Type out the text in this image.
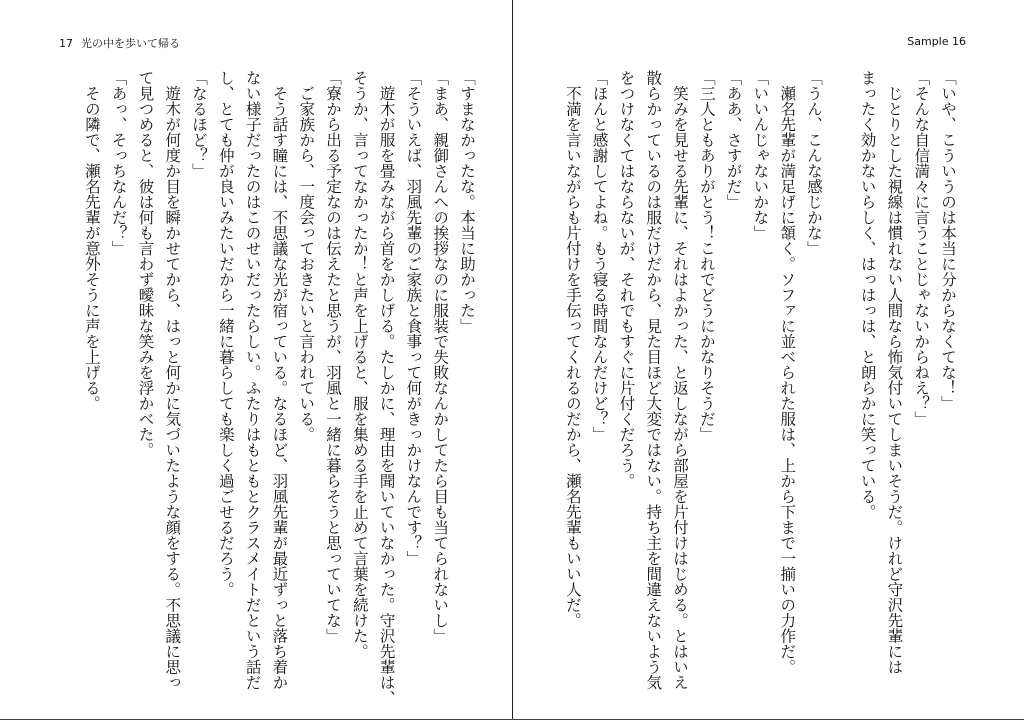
17 光の中を歩いて帰る
「すまなかったな。本当に助かった」
「まあ、親御さんへの挨拶なのに服装で失敗なんかしてたら目も当てられないし」
「そういえば、羽風先輩のご家族と食事って何がきっかけなんです？」
　遊木が服を畳みながら首をかしげる。たしかに、理由を聞いていなかった。守沢先輩は、
そうか、言ってなかったか！と声を上げると、服を集める手を止めて言葉を続けた。
「寮から出る予定なのは伝えたと思うが、羽風と一緒に暮らそうと思っていてな」
　ご家族から、一度会っておきたいと言われている。
　そう話す瞳には、不思議な光が宿っている。なるほど、羽風先輩が最近ずっと落ち着か
ない様子だったのはこのせいだったらしい。ふたりはもともとクラスメイトだという話だ
し、とても仲が良いみたいだから一緒に暮らしても楽しく過ごせるだろう。
「なるほど？」
　遊木が何度か目を瞬かせてから、はっと何かに気づいたような顔をする。不思議に思っ
て見つめると、彼は何も言わず曖昧な笑みを浮かべた。
「あっ、そっちなんだ？」
　その隣で、瀬名先輩が意外そうに声を上げる。
Sample 16
「いや、こういうのは本当に分からなくてな！」
「そんな自信満々に言うことじゃないからねえ？」
　じとりとした視線は慣れない人間なら怖気付いてしまいそうだ。けれど守沢先輩には
まったく効かないらしく、はっはっは、と朗らかに笑っている。

「うん、こんな感じかな」
　瀬名先輩が満足げに頷く。ソファに並べられた服は、上から下まで一揃いの力作だ。
「いいんじゃないかな」
「ああ、さすがだ」
「三人ともありがとう！これでどうにかなりそうだ」
　笑みを見せる先輩に、それはよかった、と返しながら部屋を片付けはじめる。とはいえ
散らかっているのは服だけだから、見た目ほど大変ではない。持ち主を間違えないよう気
をつけなくてはならないが、それでもすぐに片付くだろう。
「ほんと感謝してよね。もう寝る時間なんだけど？」
　不満を言いながらも片付けを手伝ってくれるのだから、瀬名先輩もいい人だ。
